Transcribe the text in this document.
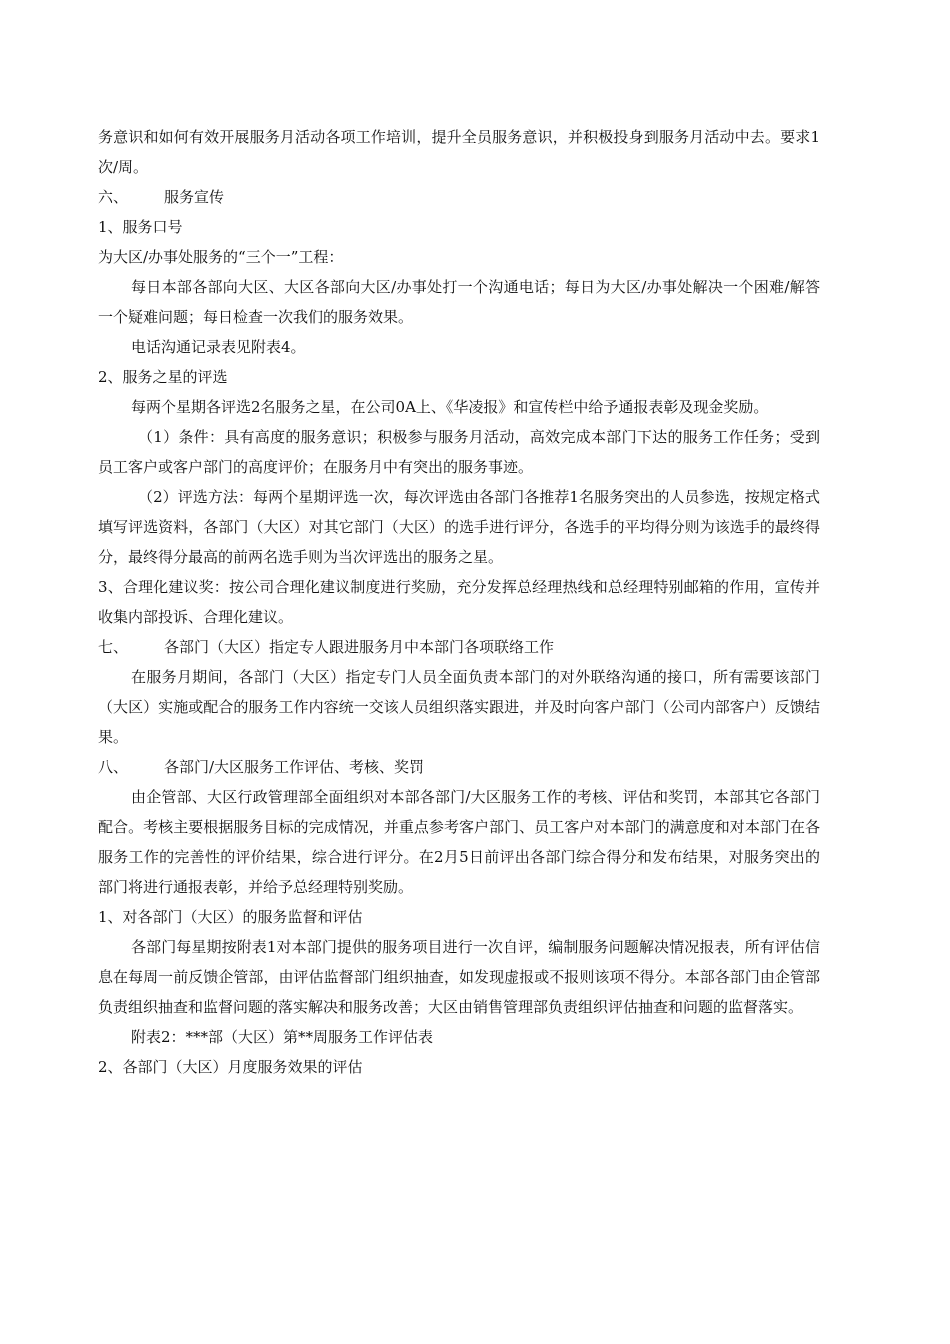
务意识和如何有效开展服务月活动各项工作培训，提升全员服务意识，并积极投身到服务月活动中去。要求1次/周。

六、	服务宣传

1、服务口号

为大区/办事处服务的“三个一”工程：

每日本部各部向大区、大区各部向大区/办事处打一个沟通电话；每日为大区/办事处解决一个困难/解答一个疑难问题；每日检查一次我们的服务效果。

电话沟通记录表见附表4。

2、服务之星的评选

每两个星期各评选2名服务之星，在公司0A上、《华凌报》和宣传栏中给予通报表彰及现金奖励。

（1）条件：具有高度的服务意识；积极参与服务月活动，高效完成本部门下达的服务工作任务；受到员工客户或客户部门的高度评价；在服务月中有突出的服务事迹。

（2）评选方法：每两个星期评选一次，每次评选由各部门各推荐1名服务突出的人员参选，按规定格式填写评选资料，各部门（大区）对其它部门（大区）的选手进行评分，各选手的平均得分则为该选手的最终得分，最终得分最高的前两名选手则为当次评选出的服务之星。

3、合理化建议奖：按公司合理化建议制度进行奖励，充分发挥总经理热线和总经理特别邮箱的作用，宣传并收集内部投诉、合理化建议。

七、	各部门（大区）指定专人跟进服务月中本部门各项联络工作

在服务月期间，各部门（大区）指定专门人员全面负责本部门的对外联络沟通的接口，所有需要该部门（大区）实施或配合的服务工作内容统一交该人员组织落实跟进，并及时向客户部门（公司内部客户）反馈结果。

八、	各部门/大区服务工作评估、考核、奖罚

由企管部、大区行政管理部全面组织对本部各部门/大区服务工作的考核、评估和奖罚，本部其它各部门配合。考核主要根据服务目标的完成情况，并重点参考客户部门、员工客户对本部门的满意度和对本部门在各服务工作的完善性的评价结果，综合进行评分。在2月5日前评出各部门综合得分和发布结果，对服务突出的部门将进行通报表彰，并给予总经理特别奖励。

1、对各部门（大区）的服务监督和评估

各部门每星期按附表1对本部门提供的服务项目进行一次自评，编制服务问题解决情况报表，所有评估信息在每周一前反馈企管部，由评估监督部门组织抽查，如发现虚报或不报则该项不得分。本部各部门由企管部负责组织抽查和监督问题的落实解决和服务改善；大区由销售管理部负责组织评估抽查和问题的监督落实。

附表2：***部（大区）第**周服务工作评估表

2、各部门（大区）月度服务效果的评估
